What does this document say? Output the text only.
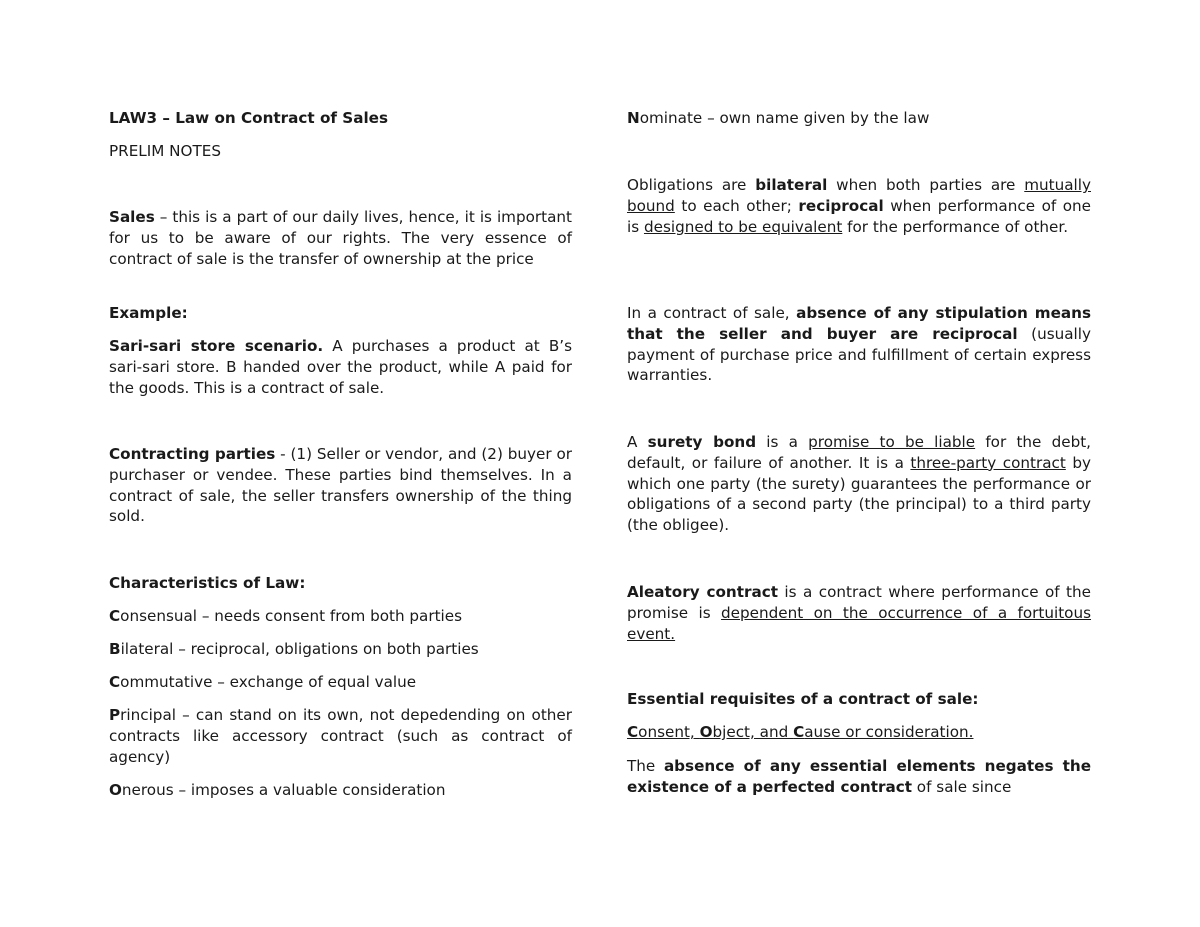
LAW3 – Law on Contract of Sales

PRELIM NOTES

Sales – this is a part of our daily lives, hence, it is important for us to be aware of our rights. The very essence of contract of sale is the transfer of ownership at the price

Example:

Sari-sari store scenario. A purchases a product at B’s sari-sari store. B handed over the product, while A paid for the goods. This is a contract of sale.

Contracting parties - (1) Seller or vendor, and (2) buyer or purchaser or vendee. These parties bind themselves. In a contract of sale, the seller transfers ownership of the thing sold.

Characteristics of Law:

Consensual – needs consent from both parties

Bilateral – reciprocal, obligations on both parties

Commutative – exchange of equal value

Principal – can stand on its own, not depedending on other contracts like accessory contract (such as contract of agency)

Onerous – imposes a valuable consideration

Nominate – own name given by the law

Obligations are bilateral when both parties are mutually bound to each other; reciprocal when performance of one is designed to be equivalent for the performance of other.

In a contract of sale, absence of any stipulation means that the seller and buyer are reciprocal (usually payment of purchase price and fulfillment of certain express warranties.

A surety bond is a promise to be liable for the debt, default, or failure of another. It is a three-party contract by which one party (the surety) guarantees the performance or obligations of a second party (the principal) to a third party (the obligee).

Aleatory contract is a contract where performance of the promise is dependent on the occurrence of a fortuitous event.

Essential requisites of a contract of sale:

Consent, Object, and Cause or consideration.

The absence of any essential elements negates the existence of a perfected contract of sale since
